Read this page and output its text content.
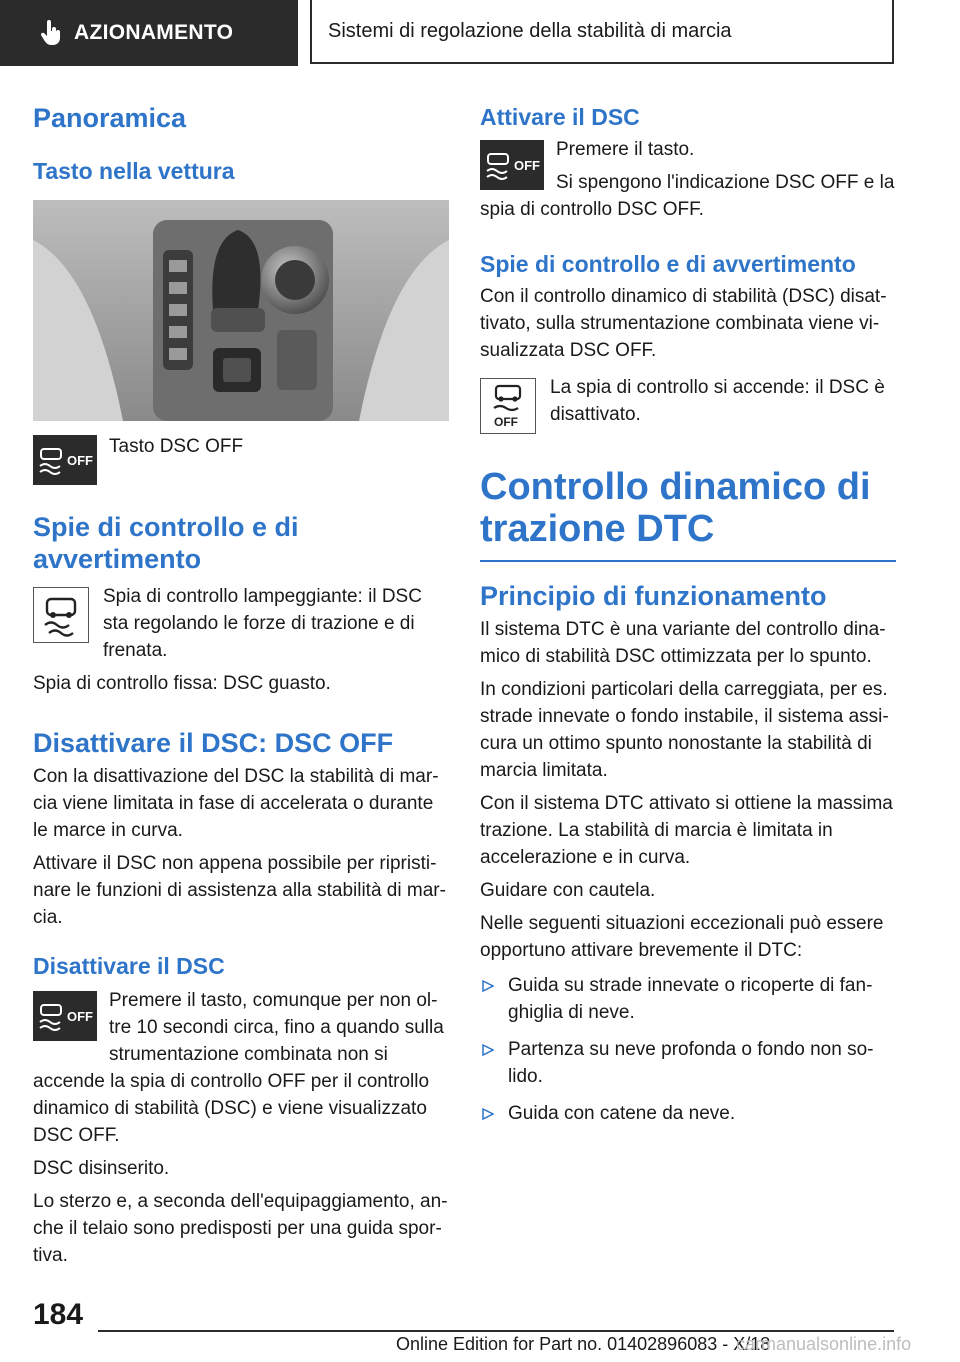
AZIONAMENTO	Sistemi di regolazione della stabilità di marcia
Panoramica
Tasto nella vettura
OFF

Tasto DSC OFF

Spie di controllo e di avvertimento

Spia di controllo lampeggiante: il DSC sta regolando le forze di trazione e di frenata.

Spia di controllo fissa: DSC guasto.

Disattivare il DSC: DSC OFF

Con la disattivazione del DSC la stabilità di marcia viene limitata in fase di accelerata o durante le marce in curva.

Attivare il DSC non appena possibile per ripristinare le funzioni di assistenza alla stabilità di marcia.

Disattivare il DSC
OFF

Premere il tasto, comunque per non oltre 10 secondi circa, fino a quando sulla strumentazione combinata non si accende la spia di controllo OFF per il controllo dinamico di stabilità (DSC) e viene visualizzato DSC OFF.

DSC disinserito.

Lo sterzo e, a seconda dell'equipaggiamento, anche il telaio sono predisposti per una guida sportiva.

Attivare il DSC
OFF

Premere il tasto.

Si spengono l'indicazione DSC OFF e la spia di controllo DSC OFF.

Spie di controllo e di avvertimento

Con il controllo dinamico di stabilità (DSC) disattivato, sulla strumentazione combinata viene visualizzata DSC OFF.

OFF

La spia di controllo si accende: il DSC è disattivato.

Controllo dinamico di trazione DTC
Principio di funzionamento

Il sistema DTC è una variante del controllo dinamico di stabilità DSC ottimizzata per lo spunto.

In condizioni particolari della carreggiata, per es. strade innevate o fondo instabile, il sistema assicura un ottimo spunto nonostante la stabilità di marcia limitata.

Con il sistema DTC attivato si ottiene la massima trazione. La stabilità di marcia è limitata in accelerazione e in curva.

Guidare con cautela.

Nelle seguenti situazioni eccezionali può essere opportuno attivare brevemente il DTC:

Guida su strade innevate o ricoperte di fanghiglia di neve.
Partenza su neve profonda o fondo non solido.
Guida con catene da neve.
184
Online Edition for Part no. 01402896083 - X/18
carmanualsonline.info
